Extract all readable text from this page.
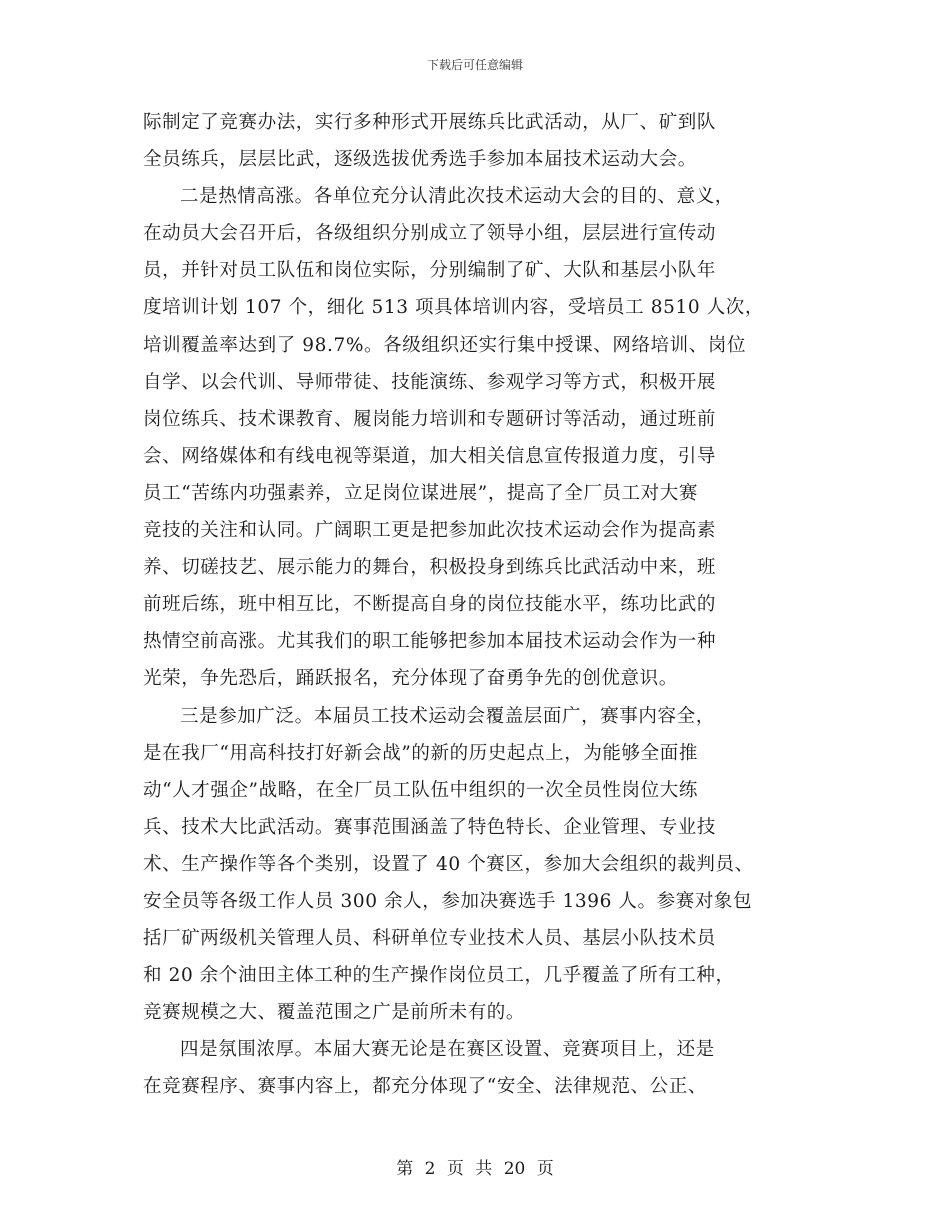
下载后可任意编辑
际制定了竞赛办法，实行多种形式开展练兵比武活动，从厂、矿到队
全员练兵，层层比武，逐级选拔优秀选手参加本届技术运动大会。
二是热情高涨。各单位充分认清此次技术运动大会的目的、意义，
在动员大会召开后，各级组织分别成立了领导小组，层层进行宣传动
员，并针对员工队伍和岗位实际，分别编制了矿、大队和基层小队年
度培训计划 107 个，细化 513 项具体培训内容，受培员工 8510 人次，
培训覆盖率达到了 98.7%。各级组织还实行集中授课、网络培训、岗位
自学、以会代训、导师带徒、技能演练、参观学习等方式，积极开展
岗位练兵、技术课教育、履岗能力培训和专题研讨等活动，通过班前
会、网络媒体和有线电视等渠道，加大相关信息宣传报道力度，引导
员工“苦练内功强素养，立足岗位谋进展”，提高了全厂员工对大赛
竞技的关注和认同。广阔职工更是把参加此次技术运动会作为提高素
养、切磋技艺、展示能力的舞台，积极投身到练兵比武活动中来，班
前班后练，班中相互比，不断提高自身的岗位技能水平，练功比武的
热情空前高涨。尤其我们的职工能够把参加本届技术运动会作为一种
光荣，争先恐后，踊跃报名，充分体现了奋勇争先的创优意识。
三是参加广泛。本届员工技术运动会覆盖层面广，赛事内容全，
是在我厂“用高科技打好新会战”的新的历史起点上，为能够全面推
动“人才强企”战略，在全厂员工队伍中组织的一次全员性岗位大练
兵、技术大比武活动。赛事范围涵盖了特色特长、企业管理、专业技
术、生产操作等各个类别，设置了 40 个赛区，参加大会组织的裁判员、
安全员等各级工作人员 300 余人，参加决赛选手 1396 人。参赛对象包
括厂矿两级机关管理人员、科研单位专业技术人员、基层小队技术员
和 20 余个油田主体工种的生产操作岗位员工，几乎覆盖了所有工种，
竞赛规模之大、覆盖范围之广是前所未有的。
四是氛围浓厚。本届大赛无论是在赛区设置、竞赛项目上，还是
在竞赛程序、赛事内容上，都充分体现了“安全、法律规范、公正、
第 2 页 共 20 页
